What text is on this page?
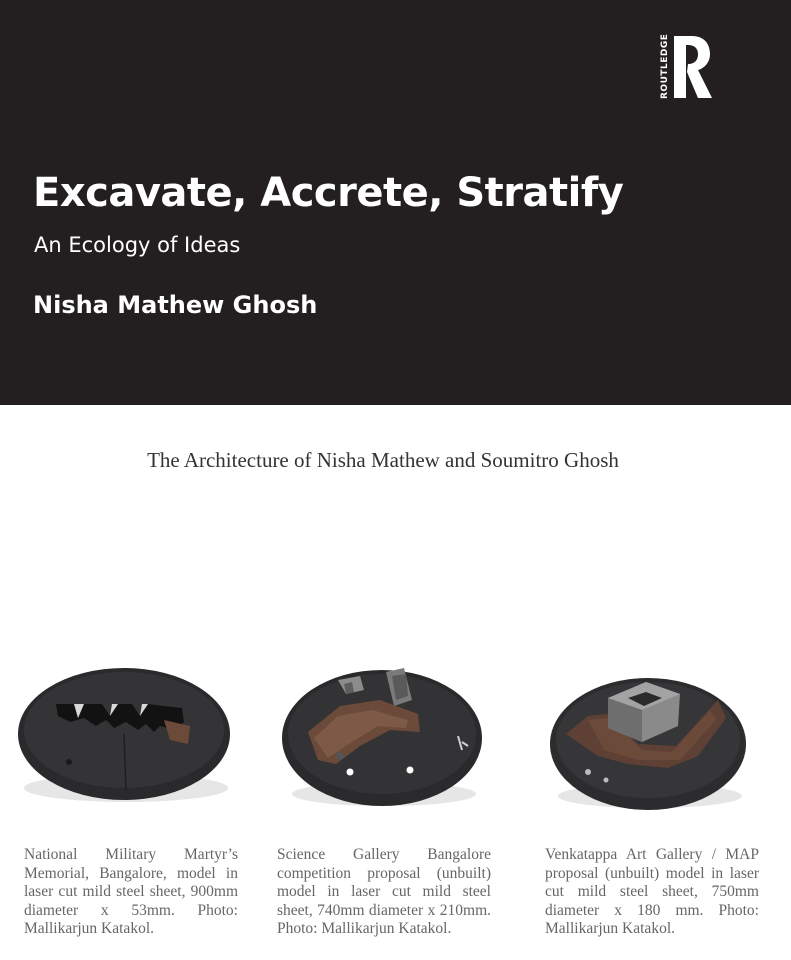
ROUTLEDGE
Excavate, Accrete, Stratify

An Ecology of Ideas

Nisha Mathew Ghosh

The Architecture of Nisha Mathew and Soumitro Ghosh

National Military Martyr’s Memorial, Bangalore, model in laser cut mild steel sheet, 900mm diameter x 53mm. Photo: Mallikarjun Katakol.

Science Gallery Bangalore competition proposal (unbuilt) model in laser cut mild steel sheet, 740mm diameter x 210mm. Photo: Mallikarjun Katakol.

Venkatappa Art Gallery / MAP proposal (unbuilt) model in laser cut mild steel sheet, 750mm diameter x 180 mm. Photo: Mallikarjun Katakol.
